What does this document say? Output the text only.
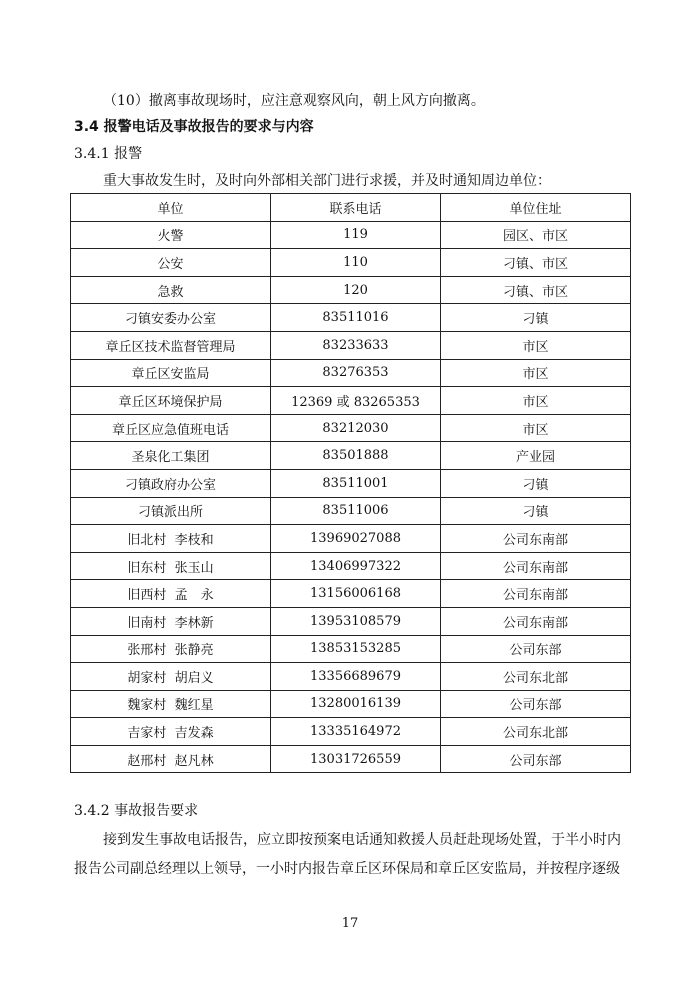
（10）撤离事故现场时，应注意观察风向，朝上风方向撤离。
3.4 报警电话及事故报告的要求与内容
3.4.1 报警
重大事故发生时，及时向外部相关部门进行求援，并及时通知周边单位：
单位	联系电话	单位住址
火警	119	园区、市区
公安	110	刁镇、市区
急救	120	刁镇、市区
刁镇安委办公室	83511016	刁镇
章丘区技术监督管理局	83233633	市区
章丘区安监局	83276353	市区
章丘区环境保护局	12369 或 83265353	市区
章丘区应急值班电话	83212030	市区
圣泉化工集团	83501888	产业园
刁镇政府办公室	83511001	刁镇
刁镇派出所	83511006	刁镇
旧北村  李枝和	13969027088	公司东南部
旧东村  张玉山	13406997322	公司东南部
旧西村  孟　永	13156006168	公司东南部
旧南村  李林新	13953108579	公司东南部
张邢村  张静亮	13853153285	公司东部
胡家村  胡启义	13356689679	公司东北部
魏家村  魏红星	13280016139	公司东部
吉家村  吉发森	13335164972	公司东北部
赵邢村  赵凡林	13031726559	公司东部
3.4.2 事故报告要求
接到发生事故电话报告，应立即按预案电话通知救援人员赶赴现场处置，于半小时内
报告公司副总经理以上领导，一小时内报告章丘区环保局和章丘区安监局，并按程序逐级
17
